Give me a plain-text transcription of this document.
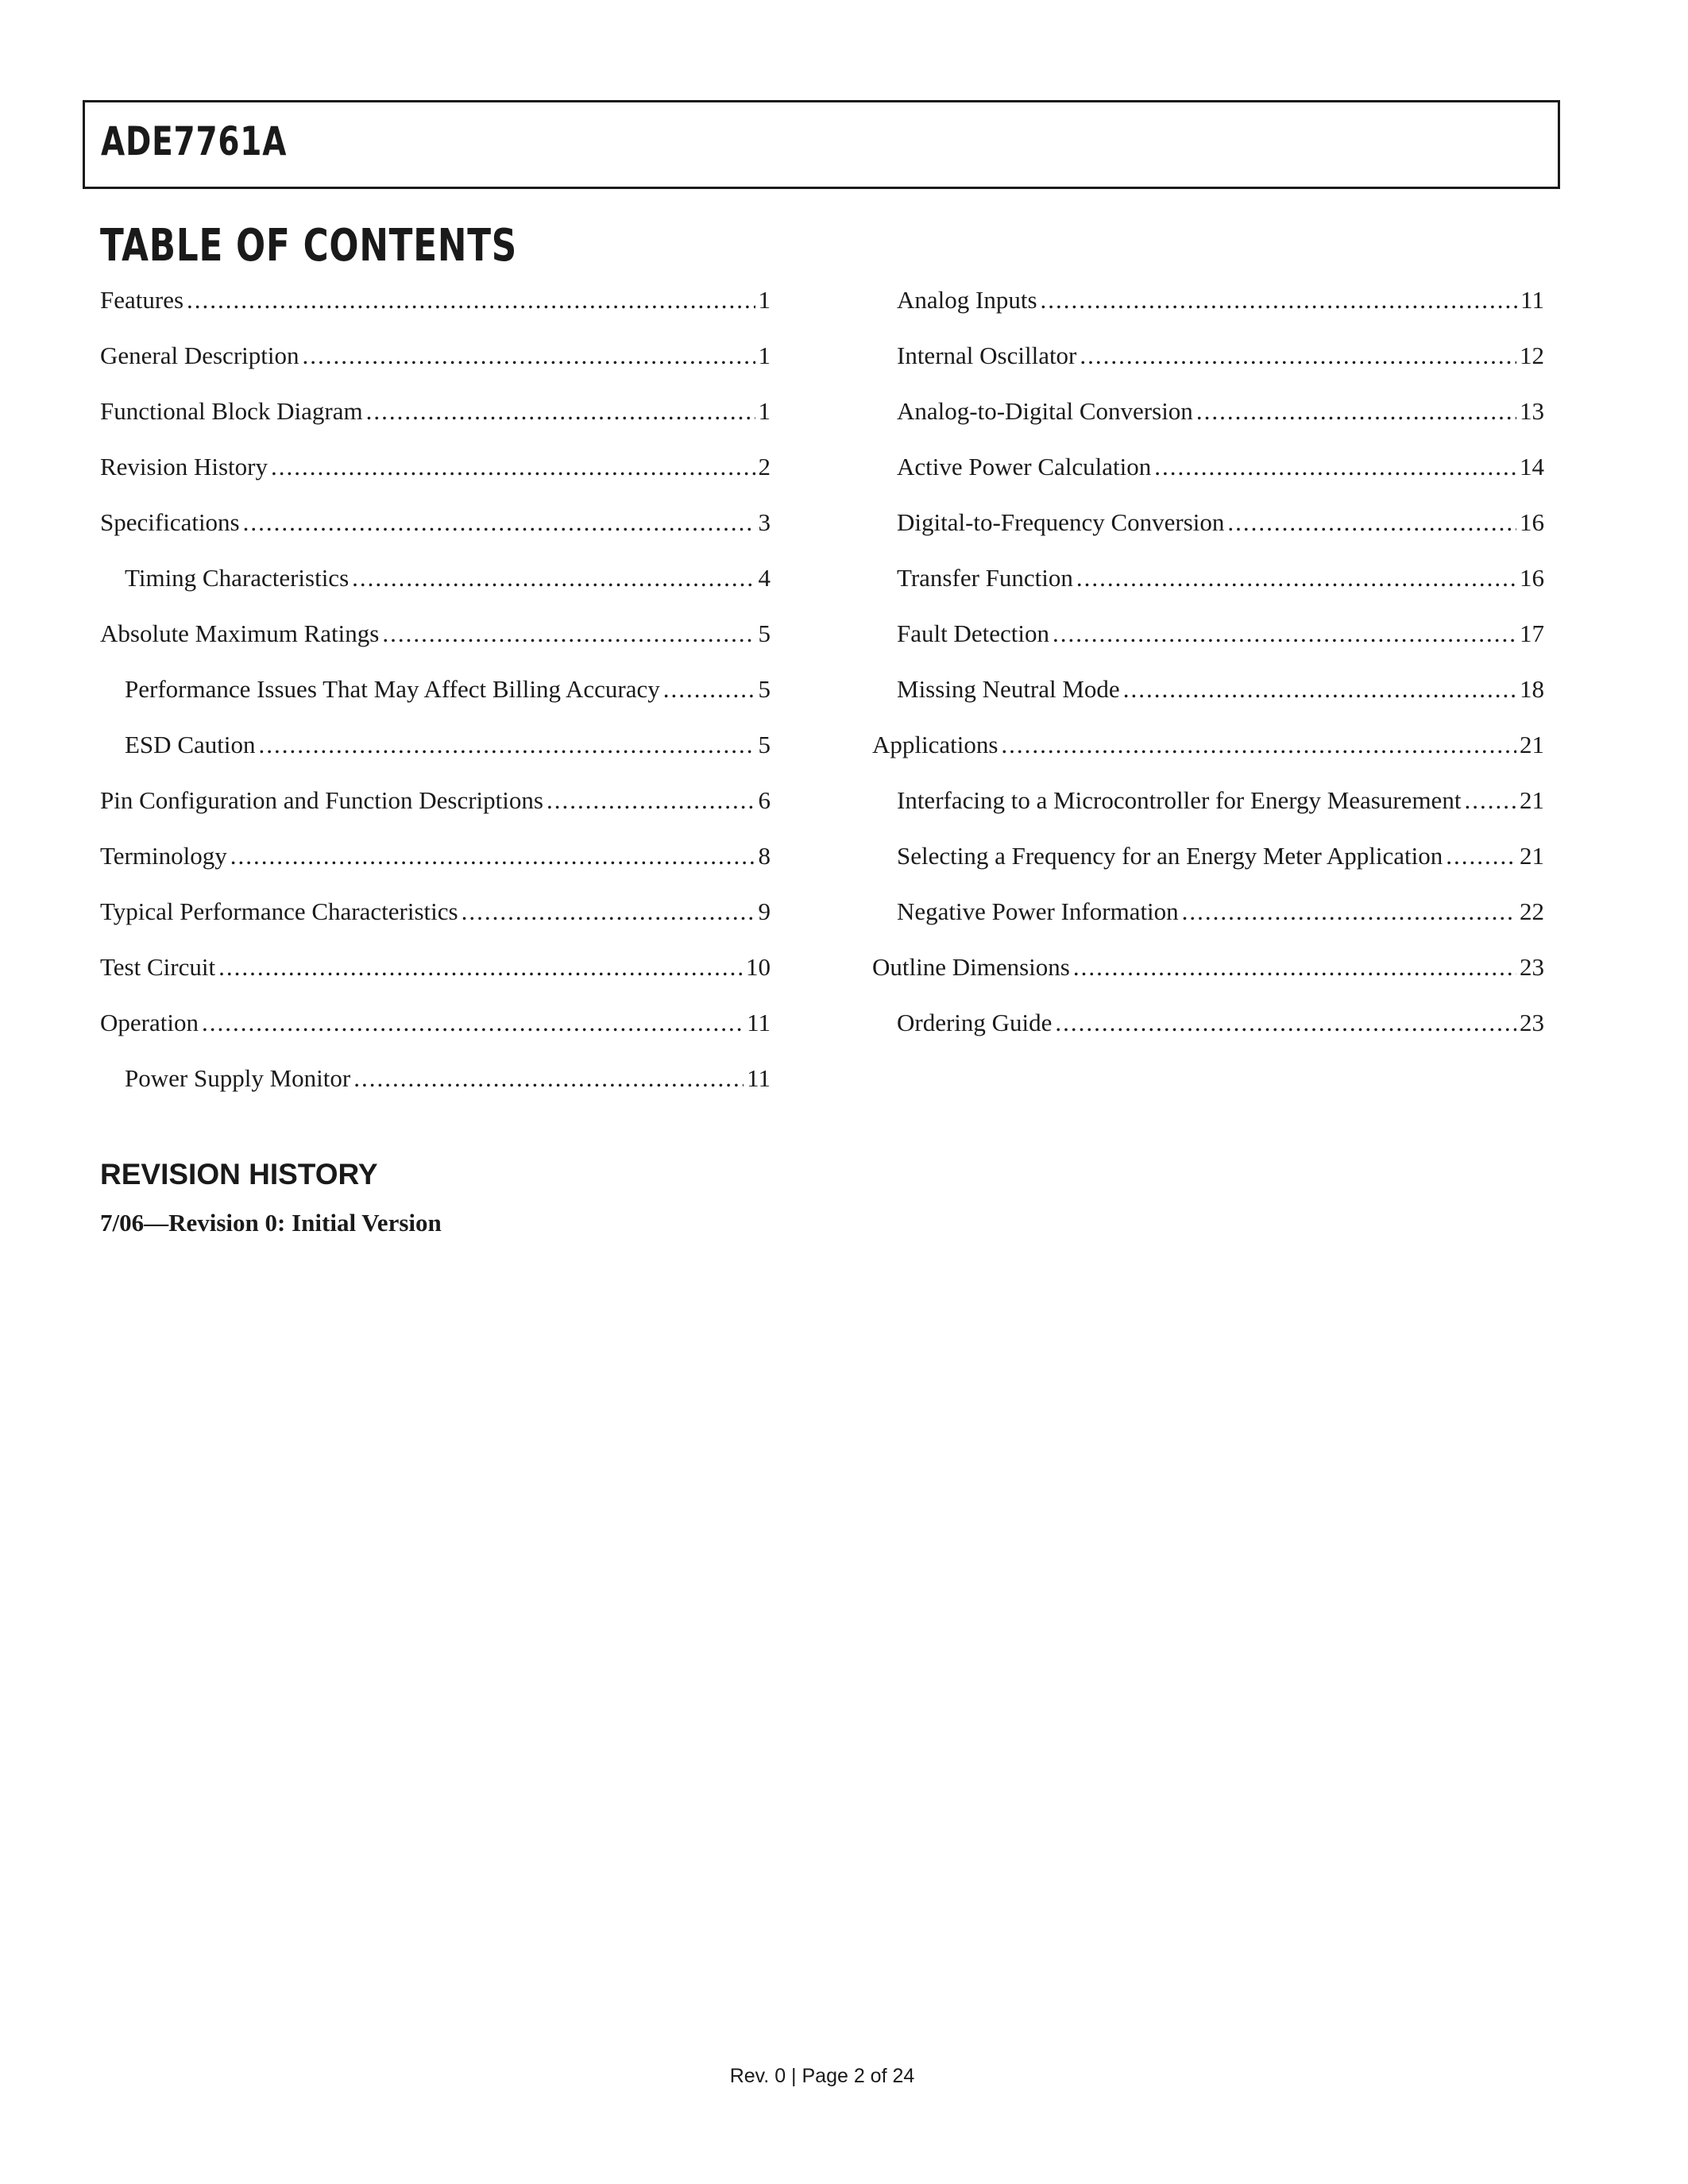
ADE7761A
TABLE OF CONTENTS
Features .....	1
General Description .....	1
Functional Block Diagram .....	1
Revision History .....	2
Specifications .....	3
Timing Characteristics .....	4
Absolute Maximum Ratings .....	5
Performance Issues That May Affect Billing Accuracy .....	5
ESD Caution .....	5
Pin Configuration and Function Descriptions .....	6
Terminology .....	8
Typical Performance Characteristics .....	9
Test Circuit .....	10
Operation .....	11
Power Supply Monitor .....	11
Analog Inputs .....	11
Internal Oscillator .....	12
Analog-to-Digital Conversion .....	13
Active Power Calculation .....	14
Digital-to-Frequency Conversion .....	16
Transfer Function .....	16
Fault Detection .....	17
Missing Neutral Mode .....	18
Applications .....	21
Interfacing to a Microcontroller for Energy Measurement ..... 21
Selecting a Frequency for an Energy Meter Application .....	21
Negative Power Information .....	22
Outline Dimensions .....	23
Ordering Guide .....	23
REVISION HISTORY

7/06—Revision 0: Initial Version

Rev. 0 | Page 2 of 24
